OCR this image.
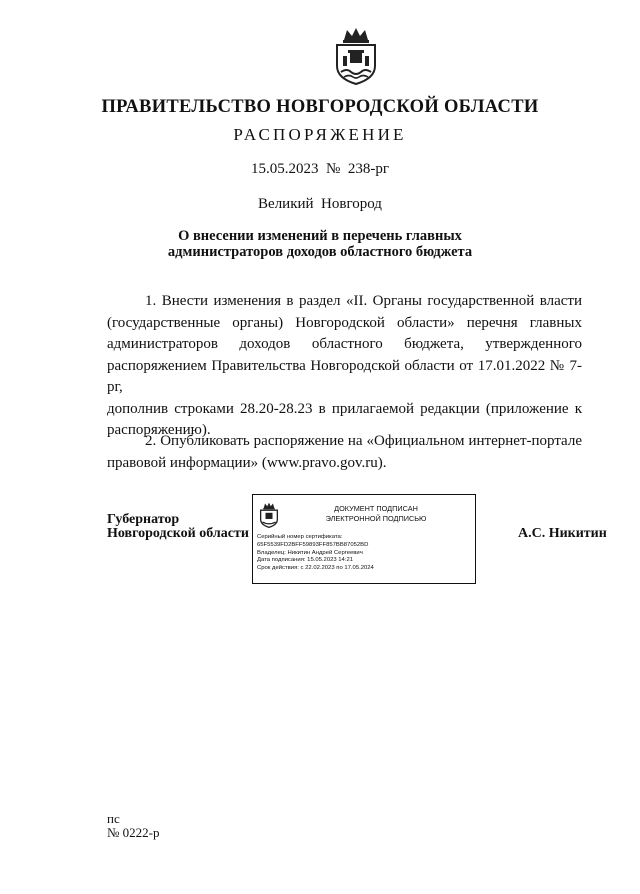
ПРАВИТЕЛЬСТВО НОВГОРОДСКОЙ ОБЛАСТИ
РАСПОРЯЖЕНИЕ
15.05.2023  №  238-рг
Великий  Новгород
О внесении изменений в перечень главных
администраторов доходов областного бюджета
1. Внести изменения в раздел «II. Органы государственной власти
(государственные органы) Новгородской области» перечня главных
администраторов доходов областного бюджета, утвержденного
распоряжением Правительства Новгородской области от 17.01.2022 № 7-рг,
дополнив строками 28.20-28.23 в прилагаемой редакции (приложение к
распоряжению).
2. Опубликовать распоряжение на «Официальном интернет-портале
правовой информации» (www.pravo.gov.ru).
Губернатор
Новгородской области
ДОКУМЕНТ ПОДПИСАН
ЭЛЕКТРОННОЙ ПОДПИСЬЮ
Серийный номер сертификата:
65F5539FD2BFF59893FF857BB87052BD
Владелец: Никитин Андрей Сергеевич
Дата подписания: 15.05.2023 14:21
Срок действия: с 22.02.2023 по 17.05.2024
А.С. Никитин
пс
№ 0222-р
